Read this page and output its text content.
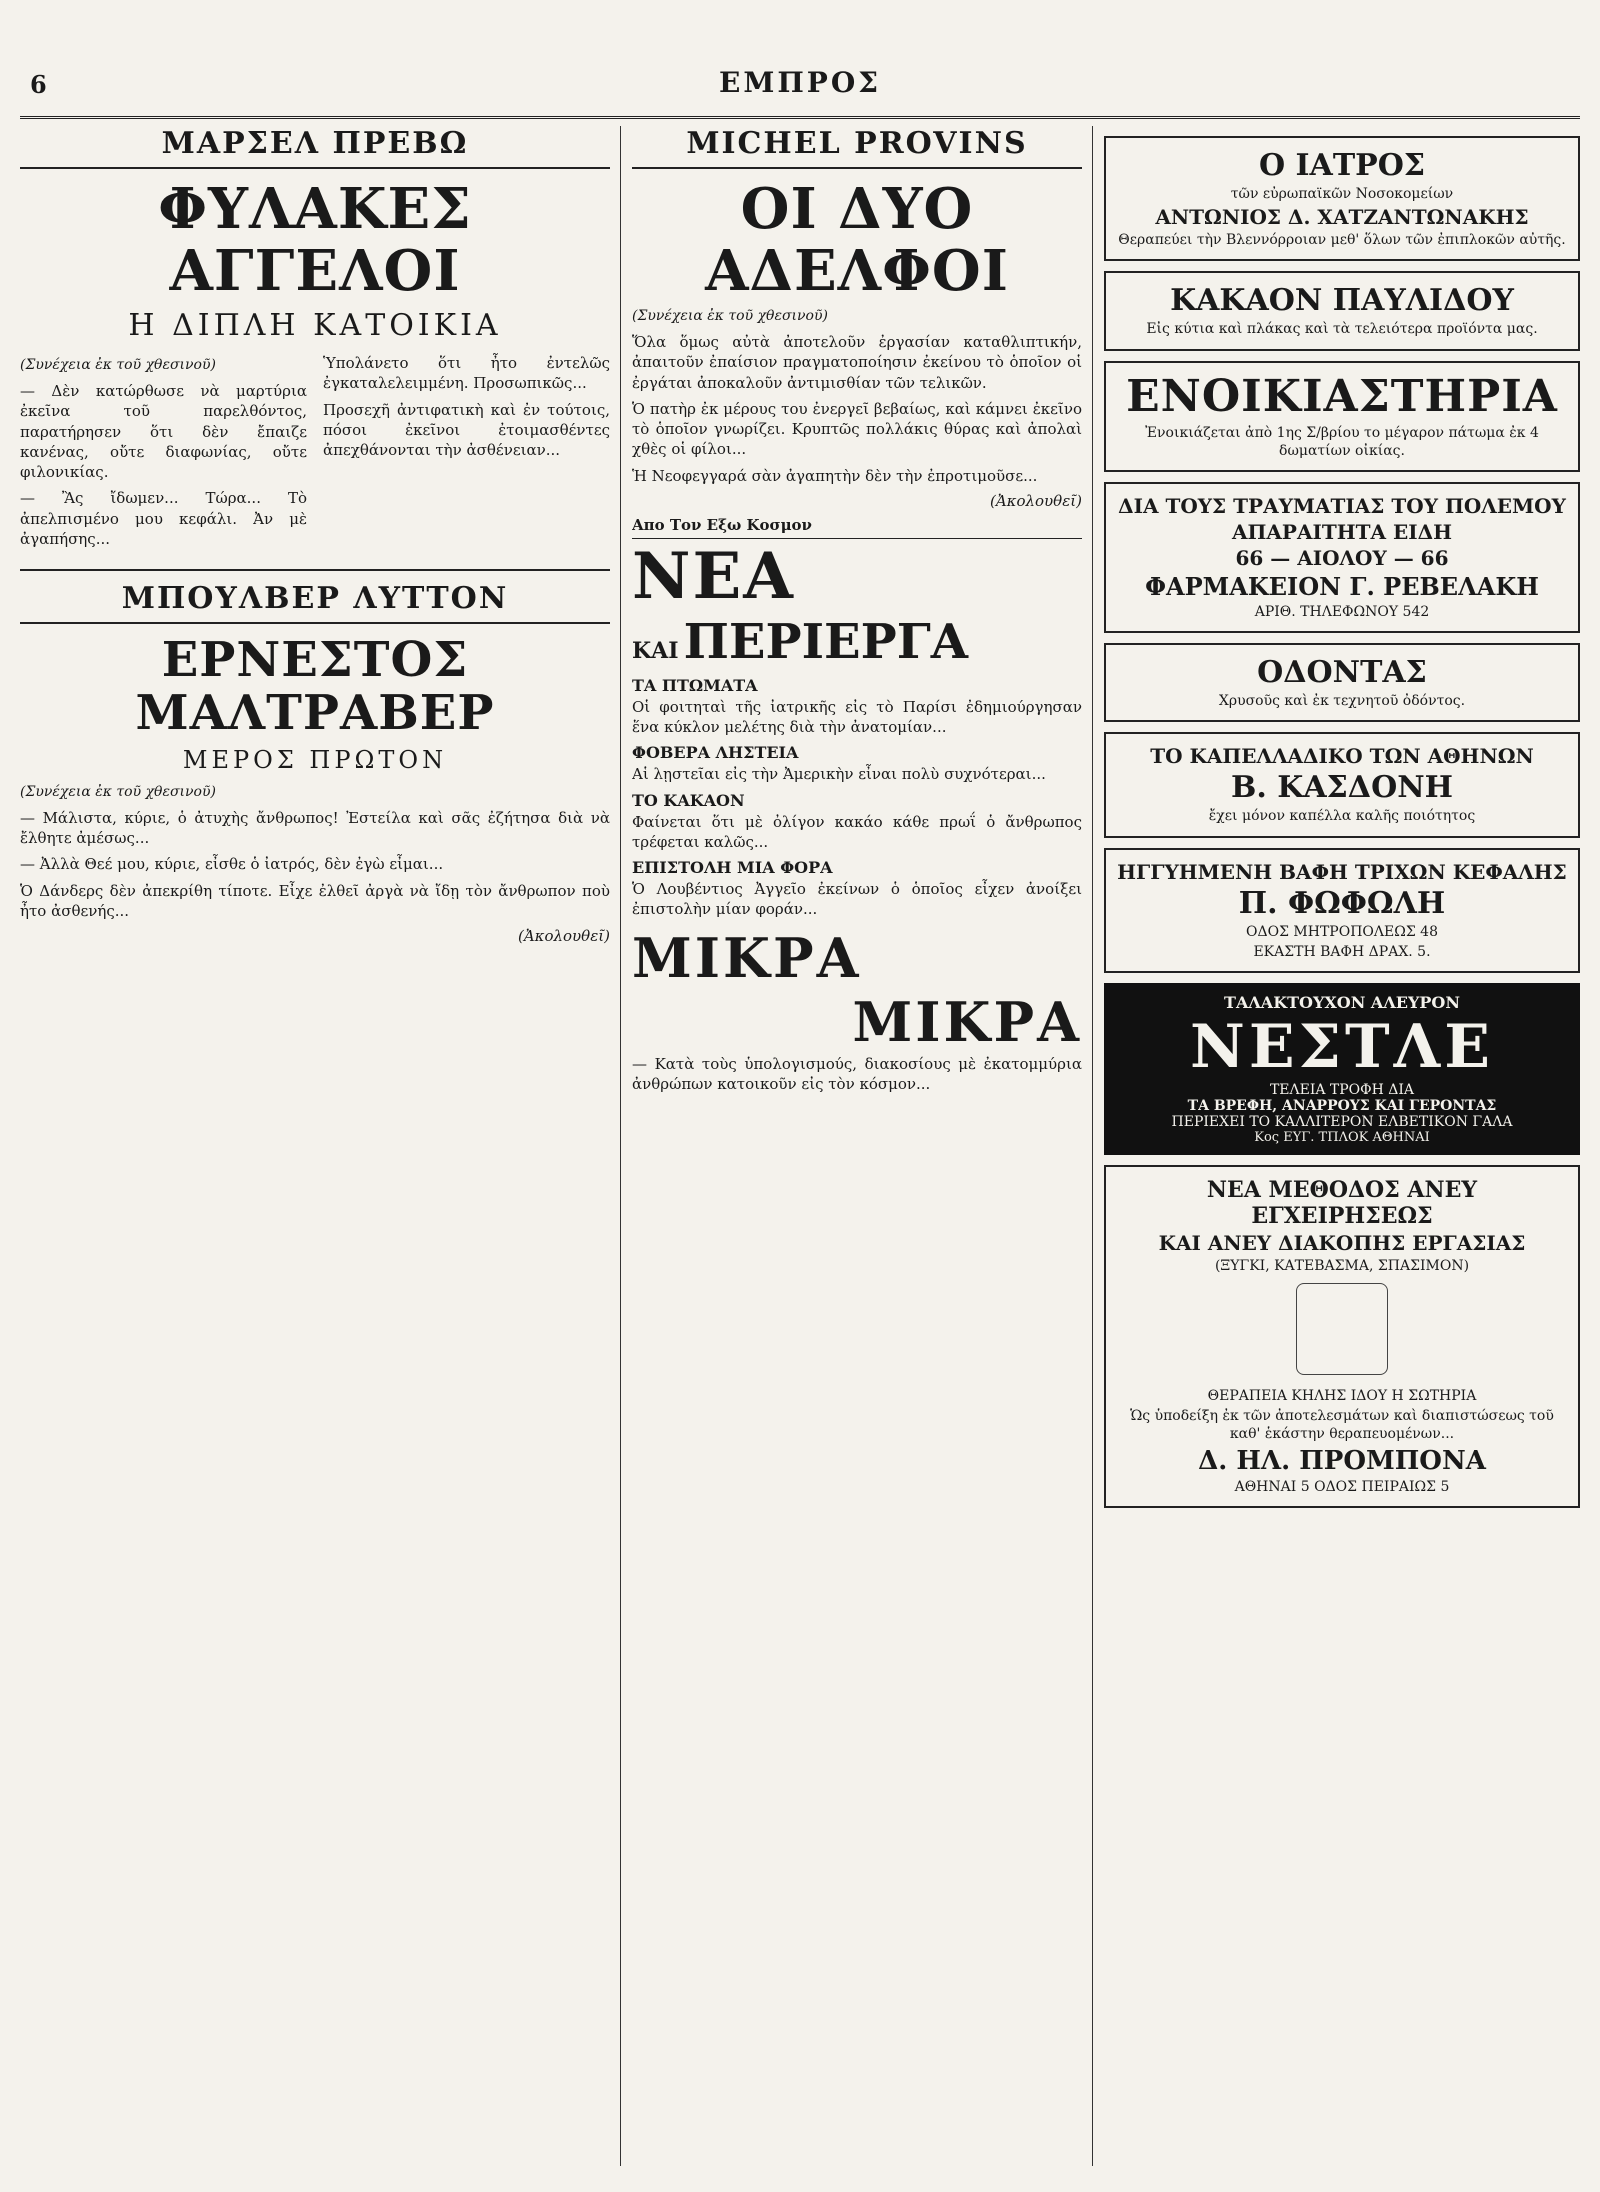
6	ΕΜΠΡΟΣ
ΜΑΡΣΕΛ ΠΡΕΒΩ
ΦΥΛΑΚΕΣ ΑΓΓΕΛΟΙ
Η ΔΙΠΛΗ ΚΑΤΟΙΚΙΑ
(Συνέχεια ἐκ τοῦ χθεσινοῦ)

— Δὲν κατώρθωσε νὰ μαρτύρια ἐκεῖνα τοῦ παρελθόντος, παρατήρησεν ὅτι δὲν ἔπαιζε κανένας, οὔτε διαφωνίας, οὔτε φιλονικίας.

— Ἂς ἴδωμεν... Τώρα... Τὸ ἀπελπισμένο μου κεφάλι. Ἀν μὲ ἀγαπήσης...

Ὑπολάνετο ὅτι ἦτο ἐντελῶς ἐγκαταλελειμμένη. Προσωπικῶς...

Προσεχῆ ἀντιφατικὴ καὶ ἐν τούτοις, πόσοι ἐκεῖνοι ἐτοιμασθέντες ἀπεχθάνονται τὴν ἀσθένειαν...

ΜΠΟΥΛΒΕΡ ΛΥΤΤΟΝ
ΕΡΝΕΣΤΟΣ ΜΑΛΤΡΑΒΕΡ
ΜΕΡΟΣ ΠΡΩΤΟΝ
(Συνέχεια ἐκ τοῦ χθεσινοῦ)

— Μάλιστα, κύριε, ὁ ἀτυχὴς ἄνθρωπος! Ἐστείλα καὶ σᾶς ἐζήτησα διὰ νὰ ἔλθητε ἀμέσως...

— Ἀλλὰ Θεέ μου, κύριε, εἶσθε ὁ ἰατρός, δὲν ἐγὼ εἶμαι...

Ὁ Δάνδερς δὲν ἀπεκρίθη τίποτε. Εἶχε ἐλθεῖ ἀργὰ νὰ ἴδῃ τὸν ἄνθρωπον ποὺ ἦτο ἀσθενής...

(Ἀκολουθεῖ)
MICHEL PROVINS
ΟΙ ΔΥΟ ΑΔΕΛΦΟΙ
(Συνέχεια ἐκ τοῦ χθεσινοῦ)

Ὅλα ὅμως αὐτὰ ἀποτελοῦν ἐργασίαν καταθλιπτικήν, ἀπαιτοῦν ἐπαίσιον πραγματοποίησιν ἐκείνου τὸ ὁποῖον οἱ ἐργάται ἀποκαλοῦν ἀντιμισθίαν τῶν τελικῶν.

Ὁ πατὴρ ἐκ μέρους του ἐνεργεῖ βεβαίως, καὶ κάμνει ἐκεῖνο τὸ ὁποῖον γνωρίζει. Κρυπτῶς πολλάκις θύρας καὶ ἀπολαὶ χθὲς οἱ φίλοι...

Ἡ Νεοφεγγαρά σὰν ἀγαπητὴν δὲν τὴν ἐπροτιμοῦσε...

(Ἀκολουθεῖ)
Απο Τον Εξω Κοσμον
ΝΕΑ
ΚΑΙ ΠΕΡΙΕΡΓΑ
ΤΑ ΠΤΩΜΑΤΑ

Οἱ φοιτηταὶ τῆς ἰατρικῆς εἰς τὸ Παρίσι ἐδημιούργησαν ἕνα κύκλον μελέτης διὰ τὴν ἀνατομίαν...

ΦΟΒΕΡΑ ΛΗΣΤΕΙΑ

Αἱ λῃστεῖαι εἰς τὴν Ἀμερικὴν εἶναι πολὺ συχνότεραι...

ΤΟ ΚΑΚΑΟΝ

Φαίνεται ὅτι μὲ ὀλίγον κακάο κάθε πρωΐ ὁ ἄνθρωπος τρέφεται καλῶς...

ΕΠΙΣΤΟΛΗ ΜΙΑ ΦΟΡΑ

Ὁ Λουβέντιος Ἀγγεῖο ἐκείνων ὁ ὁποῖος εἶχεν ἀνοίξει ἐπιστολὴν μίαν φοράν...

ΜΙΚΡΑ
ΜΙΚΡΑ

— Κατὰ τοὺς ὑπολογισμούς, διακοσίους μὲ ἐκατομμύρια ἀνθρώπων κατοικοῦν εἰς τὸν κόσμον...

Ο ΙΑΤΡΟΣ

τῶν εὐρωπαϊκῶν Νοσοκομείων

ΑΝΤΩΝΙΟΣ Δ. ΧΑΤΖΑΝΤΩΝΑΚΗΣ

Θεραπεύει τὴν Βλεννόρροιαν μεθ' ὅλων τῶν ἐπιπλοκῶν αὐτῆς.

ΚΑΚΑΟΝ ΠΑΥΛΙΔΟΥ

Εἰς κύτια καὶ πλάκας καὶ τὰ τελειότερα προϊόντα μας.

ΕΝΟΙΚΙΑΣΤΗΡΙΑ

Ἐνοικιάζεται ἀπὸ 1ης Σ/βρίου το μέγαρον πάτωμα ἐκ 4 δωματίων οἰκίας.

ΔΙΑ ΤΟΥΣ ΤΡΑΥΜΑΤΙΑΣ ΤΟΥ ΠΟΛΕΜΟΥ
ΑΠΑΡΑΙΤΗΤΑ ΕΙΔΗ
66 — ΑΙΟΛΟΥ — 66
ΦΑΡΜΑΚΕΙΟΝ Γ. ΡΕΒΕΛΑΚΗ

ΑΡΙΘ. ΤΗΛΕΦΩΝΟΥ 542

ΟΔΟΝΤΑΣ

Χρυσοῦς καὶ ἐκ τεχνητοῦ ὀδόντος.

ΤΟ ΚΑΠΕΛΛΑΔΙΚΟ ΤΩΝ ΑΘΗΝΩΝ
Β. ΚΑΣΔΟΝΗ

ἔχει μόνον καπέλλα καλῆς ποιότητος

ΗΓΓΥΗΜΕΝΗ ΒΑΦΗ ΤΡΙΧΩΝ ΚΕΦΑΛΗΣ
Π. ΦΩΦΩΛΗ

ΟΔΟΣ ΜΗΤΡΟΠΟΛΕΩΣ 48

ΕΚΑΣΤΗ ΒΑΦΗ ΔΡΑΧ. 5.

ΤΑΛΑΚΤΟΥΧΟΝ ΑΛΕΥΡΟΝ
ΝΕΣΤΛΕ
ΤΕΛΕΙΑ ΤΡΟΦΗ ΔΙΑ
ΤΑ ΒΡΕΦΗ, ΑΝΑΡΡΟΥΣ ΚΑΙ ΓΕΡΟΝΤΑΣ
ΠΕΡΙΕΧΕΙ ΤΟ ΚΑΛΛΙΤΕΡΟΝ ΕΛΒΕΤΙΚΟΝ ΓΑΛΑ
Κος ΕΥΓ. ΤΠΛΟΚ ΑΘΗΝΑΙ
ΝΕΑ ΜΕΘΟΔΟΣ ΑΝΕΥ ΕΓΧΕΙΡΗΣΕΩΣ
ΚΑΙ ΑΝΕΥ ΔΙΑΚΟΠΗΣ ΕΡΓΑΣΙΑΣ

(ΞΥΓΚΙ, ΚΑΤΕΒΑΣΜΑ, ΣΠΑΣΙΜΟΝ)

ΘΕΡΑΠΕΙΑ ΚΗΛΗΣ ΙΔΟΥ Η ΣΩΤΗΡΙΑ

Ὡς ὑποδείξη ἐκ τῶν ἀποτελεσμάτων καὶ διαπιστώσεως τοῦ καθ' ἑκάστην θεραπευομένων...

Δ. ΗΛ. ΠΡΟΜΠΟΝΑ

ΑΘΗΝΑΙ 5 ΟΔΟΣ ΠΕΙΡΑΙΩΣ 5
